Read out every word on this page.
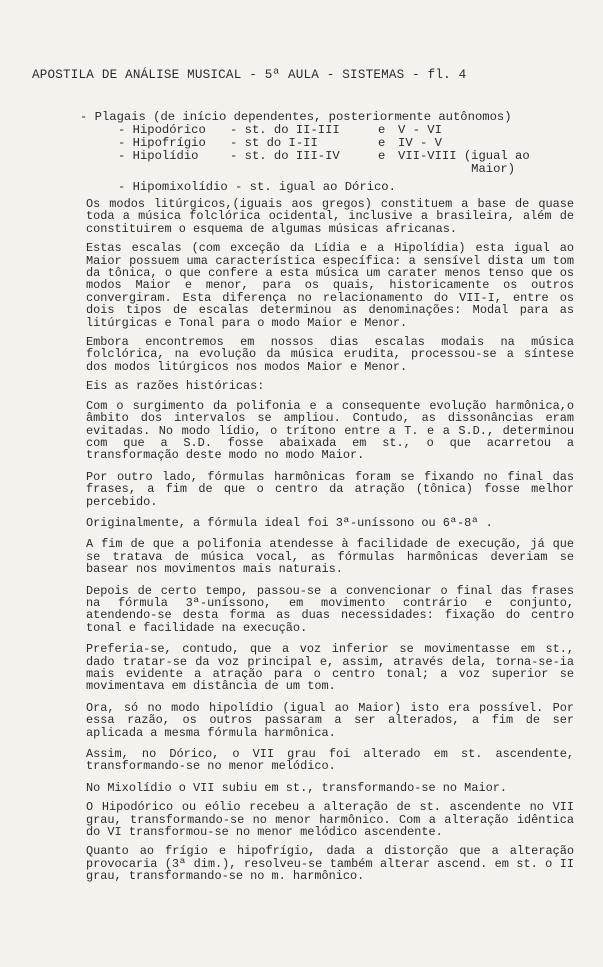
APOSTILA DE ANÁLISE MUSICAL - 5ª AULA - SISTEMAS - fl. 4
- Plagais (de início dependentes, posteriormente autônomos)
- Hipodórico	- st. do II-III	e	V - VI
- Hipofrígio	- st do I-II	e	IV - V
- Hipolídio	- st. do III-IV	e	VII-VIII (igual ao
Maior)
- Hipomixolídio - st. igual ao Dórico.

Os modos litúrgicos,(iguais aos gregos) constituem a base de quase toda a música folclórica ocidental, inclusive a brasileira, além de constituirem o esquema de algumas músicas africanas.

Estas escalas (com exceção da Lídia e a Hipolídia) esta igual ao Maior possuem uma característica específica: a sensível dista um tom da tônica, o que confere a esta música um carater menos tenso que os modos Maior e menor, para os quais, historicamente os outros convergiram. Esta diferença no relacionamento do VII-I, entre os dois tipos de escalas determinou as denominações: Modal para as litúrgicas e Tonal para o modo Maior e Menor.

Embora encontremos em nossos dias escalas modais na música folclórica, na evolução da música erudita, processou-se a síntese dos modos litúrgicos nos modos Maior e Menor.

Eis as razões históricas:

Com o surgimento da polifonia e a consequente evolução harmônica,o âmbito dos intervalos se ampliou. Contudo, as dissonâncias eram evitadas. No modo lídio, o trítono entre a T. e a S.D., determinou com que a S.D. fosse abaixada em st., o que acarretou a transformação deste modo no modo Maior.

Por outro lado, fórmulas harmônicas foram se fixando no final das frases, a fim de que o centro da atração (tônica) fosse melhor percebido.

Originalmente, a fórmula ideal foi 3ª-uníssono ou 6ª-8ª .

A fim de que a polifonia atendesse à facilidade de execução, já que se tratava de música vocal, as fórmulas harmônicas deveriam se basear nos movimentos mais naturais.

Depois de certo tempo, passou-se a convencionar o final das frases na fórmula 3ª-uníssono, em movimento contrário e conjunto, atendendo-se desta forma as duas necessidades: fixação do centro tonal e facilidade na execução.

Preferia-se, contudo, que a voz inferior se movimentasse em st., dado tratar-se da voz principal e, assim, através dela, torna-se-ia mais evidente a atração para o centro tonal; a voz superior se movimentava em distância de um tom.

Ora, só no modo hipolídio (igual ao Maior) isto era possível. Por essa razão, os outros passaram a ser alterados, a fim de ser aplicada a mesma fórmula harmônica.

Assim, no Dórico, o VII grau foi alterado em st. ascendente, transformando-se no menor melódico.

No Mixolídio o VII subiu em st., transformando-se no Maior.

O Hipodórico ou eólio recebeu a alteração de st. ascendente no VII grau, transformando-se no menor harmônico. Com a alteração idêntica do VI transformou-se no menor melódico ascendente.

Quanto ao frígio e hipofrígio, dada a distorção que a alteração provocaria (3ª dim.), resolveu-se também alterar ascend. em st. o II grau, transformando-se no m. harmônico.
